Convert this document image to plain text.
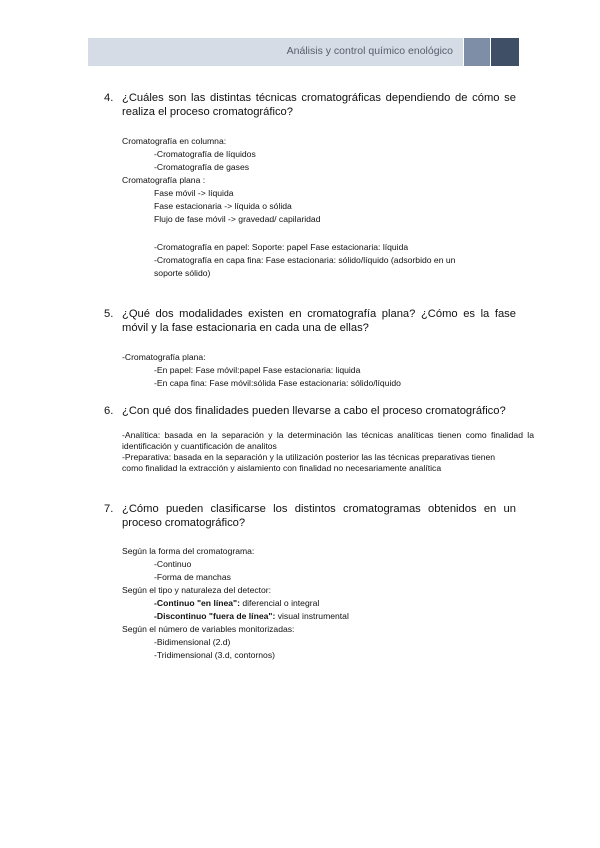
Análisis y control químico enológico
4. ¿Cuáles son las distintas técnicas cromatográficas dependiendo de cómo se realiza el proceso cromatográfico?
Cromatografía en columna:
-Cromatografía de líquidos
-Cromatografía de gases
Cromatografía plana :
Fase móvil -> líquida
Fase estacionaria -> líquida o sólida
Flujo de fase móvil -> gravedad/ capilaridad
-Cromatografía en papel: Soporte: papel Fase estacionaria: líquida
-Cromatografía en capa fina: Fase estacionaria: sólido/líquido (adsorbido en un
soporte sólido)
5. ¿Qué dos modalidades existen en cromatografía plana? ¿Cómo es la fase móvil y la fase estacionaria en cada una de ellas?
-Cromatografía plana:
-En papel: Fase móvil:papel Fase estacionaria: liquida
-En capa fina: Fase móvil:sólida Fase estacionaria: sólido/líquido
6. ¿Con qué dos finalidades pueden llevarse a cabo el proceso cromatográfico?
-Analítica: basada en la separación y la determinación las técnicas analíticas tienen como finalidad la identificación y cuantificación de analitos
-Preparativa: basada en la separación y la utilización posterior las las técnicas preparativas tienen como finalidad la extracción y aislamiento con finalidad no necesariamente analítica
7. ¿Cómo pueden clasificarse los distintos cromatogramas obtenidos en un proceso cromatográfico?
Según la forma del cromatograma:
-Continuo
-Forma de manchas
Según el tipo y naturaleza del detector:
-Continuo "en línea": diferencial o integral
-Discontinuo "fuera de línea": visual instrumental
Según el número de variables monitorizadas:
-Bidimensional (2.d)
-Tridimensional (3.d, contornos)
